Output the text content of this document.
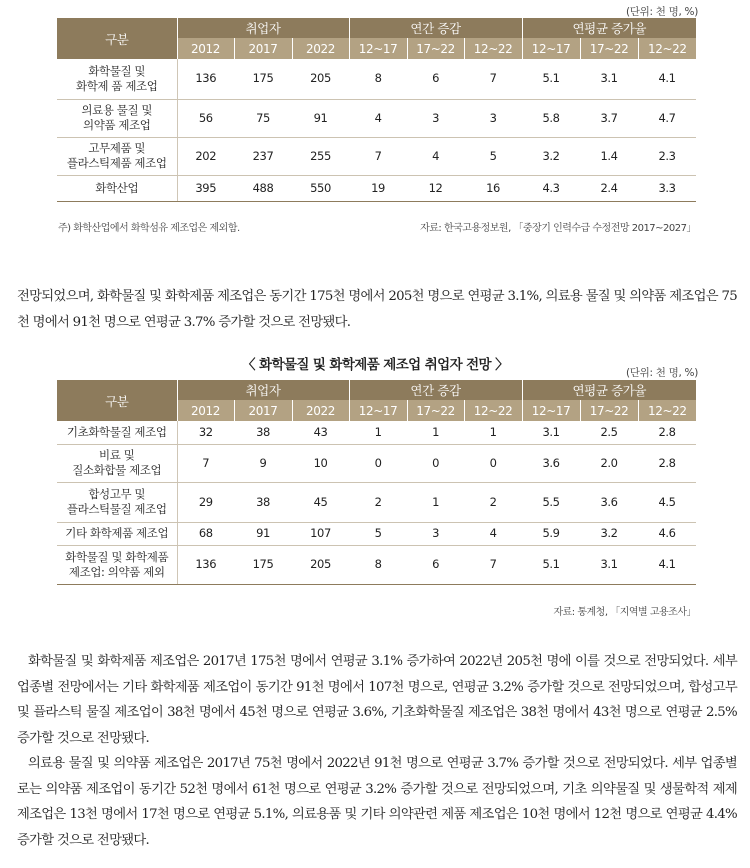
(단위: 천 명, %)
구분	취업자			연간 증감			연평균 증가율		
	2012	2017	2022	12~17	17~22	12~22	12~17	17~22	12~22
화학물질 및
화학제 품 제조업	136	175	205	8	6	7	5.1	3.1	4.1
의료용 물질 및
의약품 제조업	56	75	91	4	3	3	5.8	3.7	4.7
고무제품 및
플라스틱제품 제조업	202	237	255	7	4	5	3.2	1.4	2.3
화학산업	395	488	550	19	12	16	4.3	2.4	3.3
주) 화학산업에서 화학섬유 제조업은 제외함.	자료: 한국고용정보원, 「중장기 인력수급 수정전망 2017~2027」

전망되었으며, 화학물질 및 화학제품 제조업은 동기간 175천 명에서 205천 명으로 연평균 3.1%, 의료용 물질 및 의약품 제조업은 75천 명에서 91천 명으로 연평균 3.7% 증가할 것으로 전망됐다.

〈 화학물질 및 화학제품 제조업 취업자 전망 〉	(단위: 천 명, %)
구분	취업자			연간 증감			연평균 증가율		
	2012	2017	2022	12~17	17~22	12~22	12~17	17~22	12~22
기초화학물질 제조업	32	38	43	1	1	1	3.1	2.5	2.8
비료 및
질소화합물 제조업	7	9	10	0	0	0	3.6	2.0	2.8
합성고무 및
플라스틱물질 제조업	29	38	45	2	1	2	5.5	3.6	4.5
기타 화학제품 제조업	68	91	107	5	3	4	5.9	3.2	4.6
화학물질 및 화학제품
제조업: 의약품 제외	136	175	205	8	6	7	5.1	3.1	4.1
자료: 통계청, 「지역별 고용조사」

화학물질 및 화학제품 제조업은 2017년 175천 명에서 연평균 3.1% 증가하여 2022년 205천 명에 이를 것으로 전망되었다. 세부 업종별 전망에서는 기타 화학제품 제조업이 동기간 91천 명에서 107천 명으로, 연평균 3.2% 증가할 것으로 전망되었으며, 합성고무 및 플라스틱 물질 제조업이 38천 명에서 45천 명으로 연평균 3.6%, 기초화학물질 제조업은 38천 명에서 43천 명으로 연평균 2.5% 증가할 것으로 전망됐다.

의료용 물질 및 의약품 제조업은 2017년 75천 명에서 2022년 91천 명으로 연평균 3.7% 증가할 것으로 전망되었다. 세부 업종별로는 의약품 제조업이 동기간 52천 명에서 61천 명으로 연평균 3.2% 증가할 것으로 전망되었으며, 기초 의약물질 및 생물학적 제제 제조업은 13천 명에서 17천 명으로 연평균 5.1%, 의료용품 및 기타 의약관련 제품 제조업은 10천 명에서 12천 명으로 연평균 4.4% 증가할 것으로 전망됐다.
